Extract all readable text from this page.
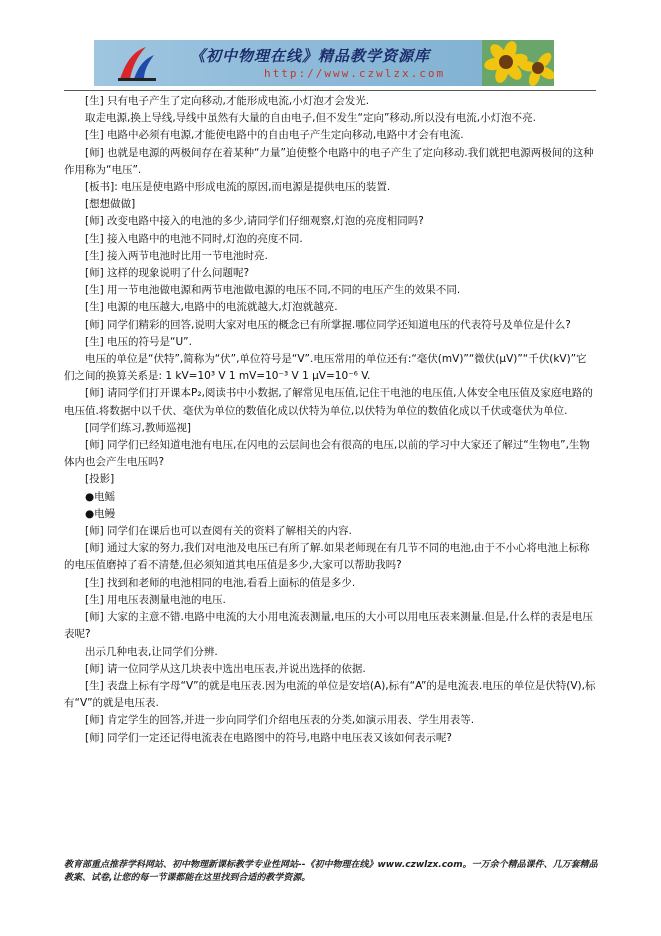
《初中物理在线》精品教学资源库
http://www.czwlzx.com

[生] 只有电子产生了定向移动,才能形成电流,小灯泡才会发光.

取走电源,换上导线,导线中虽然有大量的自由电子,但不发生“定向”移动,所以没有电流,小灯泡不亮.

[生] 电路中必须有电源,才能使电路中的自由电子产生定向移动,电路中才会有电流.

[师] 也就是电源的两极间存在着某种“力量”迫使整个电路中的电子产生了定向移动.我们就把电源两极间的这种作用称为“电压”.

[板书]: 电压是使电路中形成电流的原因,而电源是提供电压的装置.

[想想做做]

[师] 改变电路中接入的电池的多少,请同学们仔细观察,灯泡的亮度相同吗?

[生] 接入电路中的电池不同时,灯泡的亮度不同.

[生] 接入两节电池时比用一节电池时亮.

[师] 这样的现象说明了什么问题呢?

[生] 用一节电池做电源和两节电池做电源的电压不同,不同的电压产生的效果不同.

[生] 电源的电压越大,电路中的电流就越大,灯泡就越亮.

[师] 同学们精彩的回答,说明大家对电压的概念已有所掌握.哪位同学还知道电压的代表符号及单位是什么?

[生] 电压的符号是“U”.

电压的单位是“伏特”,简称为“伏”,单位符号是“V”.电压常用的单位还有:“毫伏(mV)”“微伏(μV)”“千伏(kV)”它们之间的换算关系是: 1 kV=10³ V 1 mV=10⁻³ V 1 μV=10⁻⁶ V.

[师] 请同学们打开课本P₂,阅读书中小数据,了解常见电压值,记住干电池的电压值,人体安全电压值及家庭电路的电压值.将数据中以千伏、毫伏为单位的数值化成以伏特为单位,以伏特为单位的数值化成以千伏或毫伏为单位.

[同学们练习,教师巡视]

[师] 同学们已经知道电池有电压,在闪电的云层间也会有很高的电压,以前的学习中大家还了解过“生物电”,生物体内也会产生电压吗?

[投影]

●电鳐

●电鳗

[师] 同学们在课后也可以查阅有关的资料了解相关的内容.

[师] 通过大家的努力,我们对电池及电压已有所了解.如果老师现在有几节不同的电池,由于不小心将电池上标称的电压值磨掉了看不清楚,但必须知道其电压值是多少,大家可以帮助我吗?

[生] 找到和老师的电池相同的电池,看看上面标的值是多少.

[生] 用电压表测量电池的电压.

[师] 大家的主意不错.电路中电流的大小用电流表测量,电压的大小可以用电压表来测量.但是,什么样的表是电压表呢?

出示几种电表,让同学们分辨.

[师] 请一位同学从这几块表中选出电压表,并说出选择的依据.

[生] 表盘上标有字母“V”的就是电压表.因为电流的单位是安培(A),标有“A”的是电流表.电压的单位是伏特(V),标有“V”的就是电压表.

[师] 肯定学生的回答,并进一步向同学们介绍电压表的分类,如演示用表、学生用表等.

[师] 同学们一定还记得电流表在电路图中的符号,电路中电压表又该如何表示呢?

教育部重点推荐学科网站、初中物理新课标教学专业性网站--《初中物理在线》www.czwlzx.com。一万余个精品课件、几万套精品教案、试卷,让您的每一节课都能在这里找到合适的教学资源。
